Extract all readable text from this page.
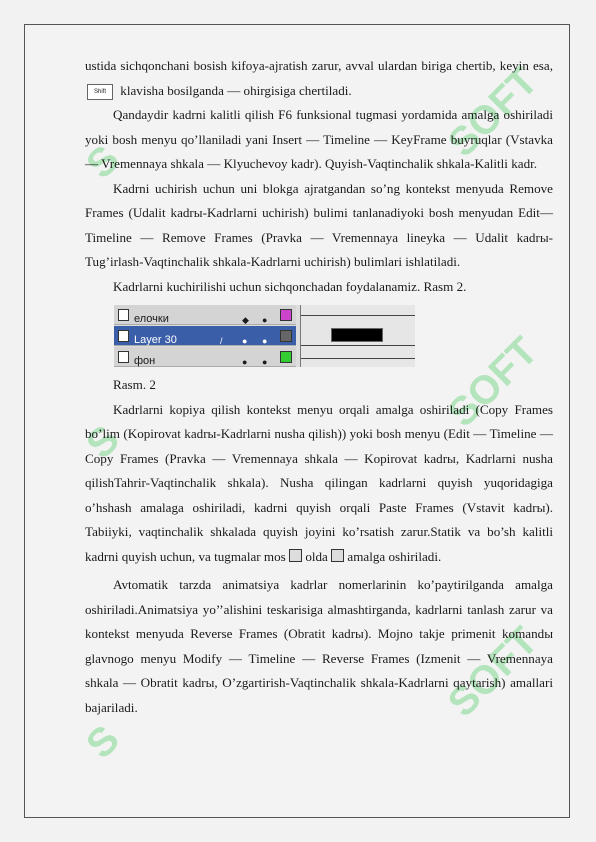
SOFT
SOFT
SOFT
S
S
S

ustida sichqonchani bosish kifoya-ajratish zarur, avval ulardan biriga chertib, keyin esa, Shift klavisha bosilganda — ohirgisiga chertiladi.

Qandaydir kadrni kalitli qilish F6 funksional tugmasi yordamida amalga oshiriladi yoki bosh menyu qo’llaniladi yani Insert — Timeline — KeyFrame buyruqlar (Vstavka — Vremennaya shkala — Klyuchevoy kadr). Quyish-Vaqtinchalik shkala-Kalitli kadr.

Kadrni uchirish uchun uni blokga ajratgandan so’ng kontekst menyuda Remove Frames (Udalit kadrы-Kadrlarni uchirish) bulimi tanlanadiyoki bosh menyudan Edit— Timeline — Remove Frames (Pravka — Vremennaya lineyka — Udalit kadrы-Tug’irlash-Vaqtinchalik shkala-Kadrlarni uchirish) bulimlari ishlatiladi.

Kadrlarni kuchirilishi uchun sichqonchadan foydalanamiz. Rasm 2.

елочки	◆ ●
Layer 30	/ ● ●
фон	● ●

Rasm. 2

Kadrlarni kopiya qilish kontekst menyu orqali amalga oshiriladi (Copy Frames bo’lim (Kopirovat kadrы-Kadrlarni nusha qilish)) yoki bosh menyu (Edit — Timeline — Copy Frames (Pravka — Vremennaya shkala — Kopirovat kadrы, Kadrlarni nusha qilishTahrir-Vaqtinchalik shkala). Nusha qilingan kadrlarni quyish yuqoridagiga o’hshash amalaga oshiriladi, kadrni quyish orqali Paste Frames (Vstavit kadrы). Tabiiyki, vaqtinchalik shkalada quyish joyini ko’rsatish zarur.Statik va bo’sh kalitli kadrni quyish uchun, va tugmalar mos olda amalga oshiriladi.

Avtomatik tarzda animatsiya kadrlar nomerlarinin ko’paytirilganda amalga oshiriladi.Animatsiya yo’’alishini teskarisiga almashtirganda, kadrlarni tanlash zarur va kontekst menyuda Reverse Frames (Obratit kadrы). Mojno takje primenit komandы glavnogo menyu Modify — Timeline — Reverse Frames (Izmenit — Vremennaya shkala — Obratit kadrы, O’zgartirish-Vaqtinchalik shkala-Kadrlarni qaytarish) amallari bajariladi.
